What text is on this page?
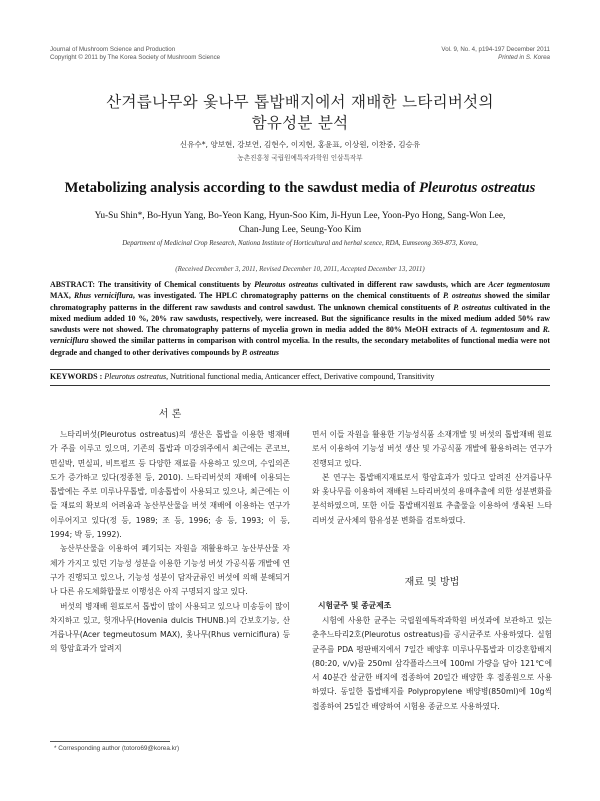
Journal of Mushroom Science and Production
Copyright © 2011 by The Korea Society of Mushroom Science
Vol. 9, No. 4, p194-197 December 2011
Printed in S. Korea
산겨릅나무와 옻나무 톱밥배지에서 재배한 느타리버섯의
함유성분 분석
신유수*, 양보현, 강보연, 김현수, 이지현, 홍윤표, 이상원, 이찬중, 김승유
농촌진흥청 국립원예특작과학원 인삼특작부
Metabolizing analysis according to the sawdust media of Pleurotus ostreatus
Yu-Su Shin*, Bo-Hyun Yang, Bo-Yeon Kang, Hyun-Soo Kim, Ji-Hyun Lee, Yoon-Pyo Hong, Sang-Won Lee,
Chan-Jung Lee, Seung-Yoo Kim
Department of Medicinal Crop Research, Nationa Institute of Horticultural and herbal scence, RDA, Eumseong 369-873, Korea,
(Received December 3, 2011, Revised December 10, 2011, Accepted December 13, 2011)
ABSTRACT: The transitivity of Chemical constituents by Pleurotus ostreatus cultivated in different raw sawdusts, which are Acer tegmentosum MAX, Rhus verniciflura, was investigated. The HPLC chromatography patterns on the chemical constituents of P. ostreatus showed the similar chromatography patterns in the different raw sawdusts and control sawdust. The unknown chemical constituents of P. ostreatus cultivated in the mixed medium added 10 %, 20% raw sawdusts, respectively, were increased. But the significance results in the mixed medium added 50% raw sawdusts were not showed. The chromatography patterns of mycelia grown in media added the 80% MeOH extracts of A. tegmentosum and R. verniciflura showed the similar patterns in comparison with control mycelia. In the results, the secondary metabolites of functional media were not degrade and changed to other derivatives compounds by P. ostreatus
KEYWORDS : Pleurotus ostreatus, Nutritional functional media, Anticancer effect, Derivative compound, Transitivity
서 론

느타리버섯(Pleurotus ostreatus)의 생산은 톱밥을 이용한 병재배가 주를 이루고 있으며, 기존의 톱밥과 미강위주에서 최근에는 콘코브, 면실박, 면실피, 비트펄프 등 다양한 재료를 사용하고 있으며, 수입의존도가 증가하고 있다(정종천 등, 2010). 느타리버섯의 재배에 이용되는 톱밥에는 주로 미루나무톱밥, 미송톱밥이 사용되고 있으나, 최근에는 이들 재료의 확보의 어려움과 농산부산물을 버섯 재배에 이용하는 연구가 이루어지고 있다(정 등, 1989; 조 등, 1996; 송 등, 1993; 이 등, 1994; 박 등, 1992).

농산부산물을 이용하여 폐기되는 자원을 재활용하고 농산부산물 자체가 가지고 있던 기능성 성분을 이용한 기능성 버섯 가공식품 개발에 연구가 진행되고 있으나, 기능성 성분이 담자균류인 버섯에 의해 분해되거나 다른 유도체화합물로 이행성은 아직 구명되지 않고 있다.

버섯의 병재배 원료로서 톱밥이 많이 사용되고 있으나 미송등이 많이 차지하고 있고, 헛개나무(Hovenia dulcis THUNB.)의 간보호기능, 산겨릅나무(Acer tegmeutosum MAX), 옻나무(Rhus verniciflura) 등의 항암효과가 알려지

면서 이들 자원을 활용한 기능성식품 소재개발 및 버섯의 톱밥재배 원료로서 이용하여 기능성 버섯 생산 및 가공식품 개발에 활용하려는 연구가 진행되고 있다.

본 연구는 톱밥배지재료로서 항암효과가 있다고 알려진 산겨릅나무와 옻나무를 이용하여 재배된 느타리버섯의 용매추출에 의한 성분변화를 분석하였으며, 또한 이들 톱밥배지원료 추출물을 이용하여 생육된 느타리버섯 균사체의 함유성분 변화를 검토하였다.

재료 및 방법
시험균주 및 종균제조

시험에 사용한 균주는 국립원예특작과학원 버섯과에 보관하고 있는 춘추느타리2호(Pleurotus ostreatus)를 공시균주로 사용하였다. 실험균주를 PDA 평판배지에서 7일간 배양후 미루나무톱밥과 미강혼합배지(80:20, v/v)를 250ml 삼각플라스크에 100ml 가량을 담아 121℃에서 40분간 살균한 배지에 접종하여 20일간 배양한 후 접종원으로 사용하였다. 동일한 톱밥배지를 Polypropylene 배양병(850ml)에 10g씩 접종하여 25일간 배양하여 시험용 종균으로 사용하였다.

* Corresponding author (totoro69@korea.kr)
